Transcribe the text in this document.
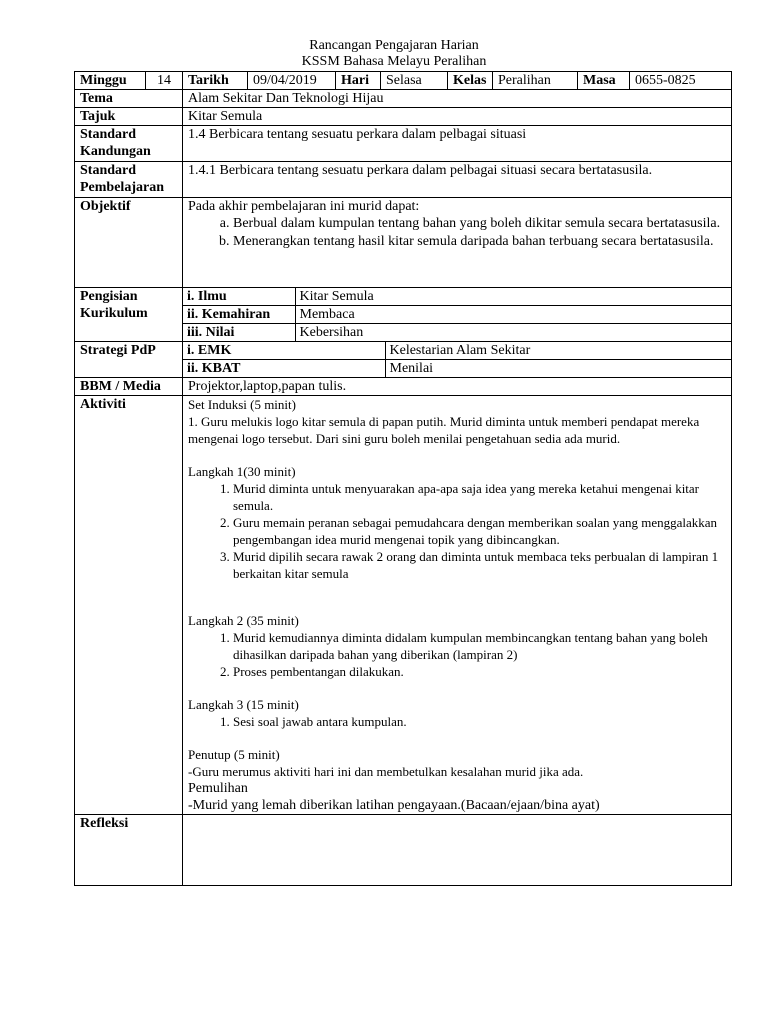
Rancangan Pengajaran Harian
KSSM Bahasa Melayu Peralihan
Minggu	14	Tarikh	09/04/2019	Hari	Selasa	Kelas	Peralihan	Masa	0655-0825
Tema	Alam Sekitar Dan Teknologi Hijau
Tajuk	Kitar Semula

Standard
Kandungan
	1.4 Berbicara tentang sesuatu perkara dalam pelbagai situasi

Standard
Pembelajaran
	1.4.1 Berbicara tentang sesuatu perkara dalam pelbagai situasi secara bertatasusila.
Objektif	Pada akhir pembelajaran ini murid dapat:
a. Berbual dalam kumpulan tentang bahan yang boleh dikitar semula secara bertatasusila.
b. Menerangkan tentang hasil kitar semula daripada bahan terbuang secara bertatasusila.

Pengisian
Kurikulum

i. Ilmu	Kitar Semula
ii. Kemahiran	Membaca
iii. Nilai	Kebersihan

Strategi PdP	i. EMK	Kelestarian Alam Sekitar
ii. KBAT	Menilai

BBM / Media	Projektor,laptop,papan tulis.
Aktiviti	Set Induksi (5 minit)

1. Guru melukis logo kitar semula di papan putih. Murid diminta untuk memberi pendapat mereka mengenai logo tersebut. Dari sini guru boleh menilai pengetahuan sedia ada murid.

Langkah 1(30 minit)

1. Murid diminta untuk menyuarakan apa-apa saja idea yang mereka ketahui mengenai kitar semula.
2. Guru memain peranan sebagai pemudahcara dengan memberikan soalan yang menggalakkan pengembangan idea murid mengenai topik yang dibincangkan.
3. Murid dipilih secara rawak 2 orang dan diminta untuk membaca teks perbualan di lampiran 1 berkaitan kitar semula

Langkah 2 (35 minit)

1. Murid kemudiannya diminta didalam kumpulan membincangkan tentang bahan yang boleh dihasilkan daripada bahan yang diberikan (lampiran 2)
2. Proses pembentangan dilakukan.

Langkah 3 (15 minit)

1. Sesi soal jawab antara kumpulan.

Penutup (5 minit)

-Guru merumus aktiviti hari ini dan membetulkan kesalahan murid jika ada.

Pemulihan

-Murid yang lemah diberikan latihan pengayaan.(Bacaan/ejaan/bina ayat)

Refleksi	
